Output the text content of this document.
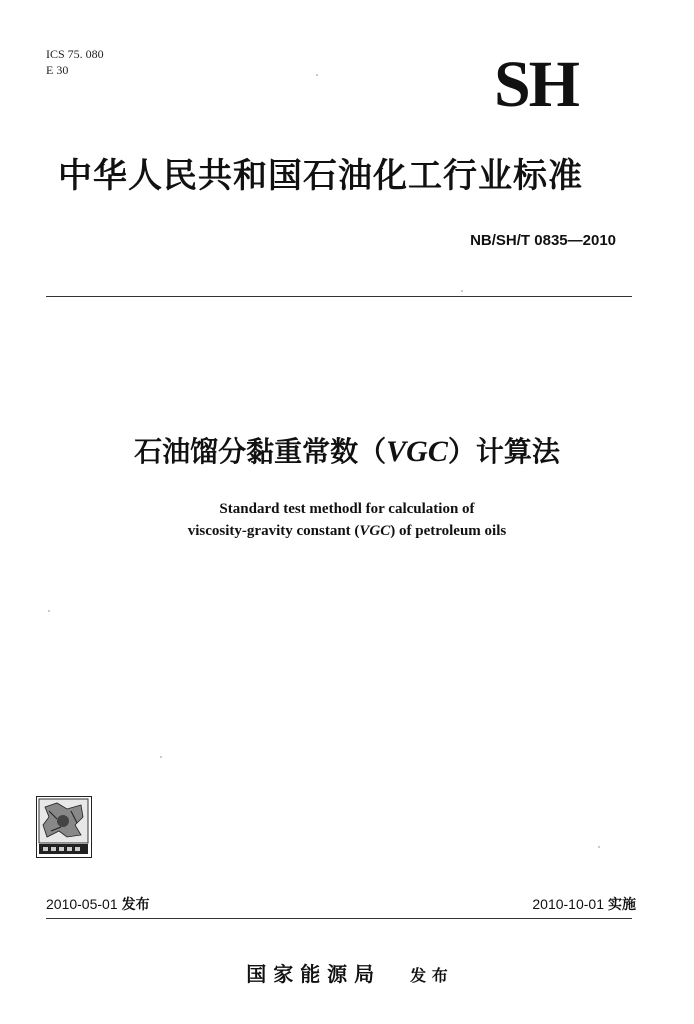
ICS 75. 080
E 30	SH
中华人民共和国石油化工行业标准
NB/SH/T 0835—2010
石油馏分黏重常数（VGC）计算法
Standard test methodl for calculation of
viscosity-gravity constant (VGC) of petroleum oils
2010-05-01 发布	2010-10-01 实施
国 家 能 源 局 发 布
